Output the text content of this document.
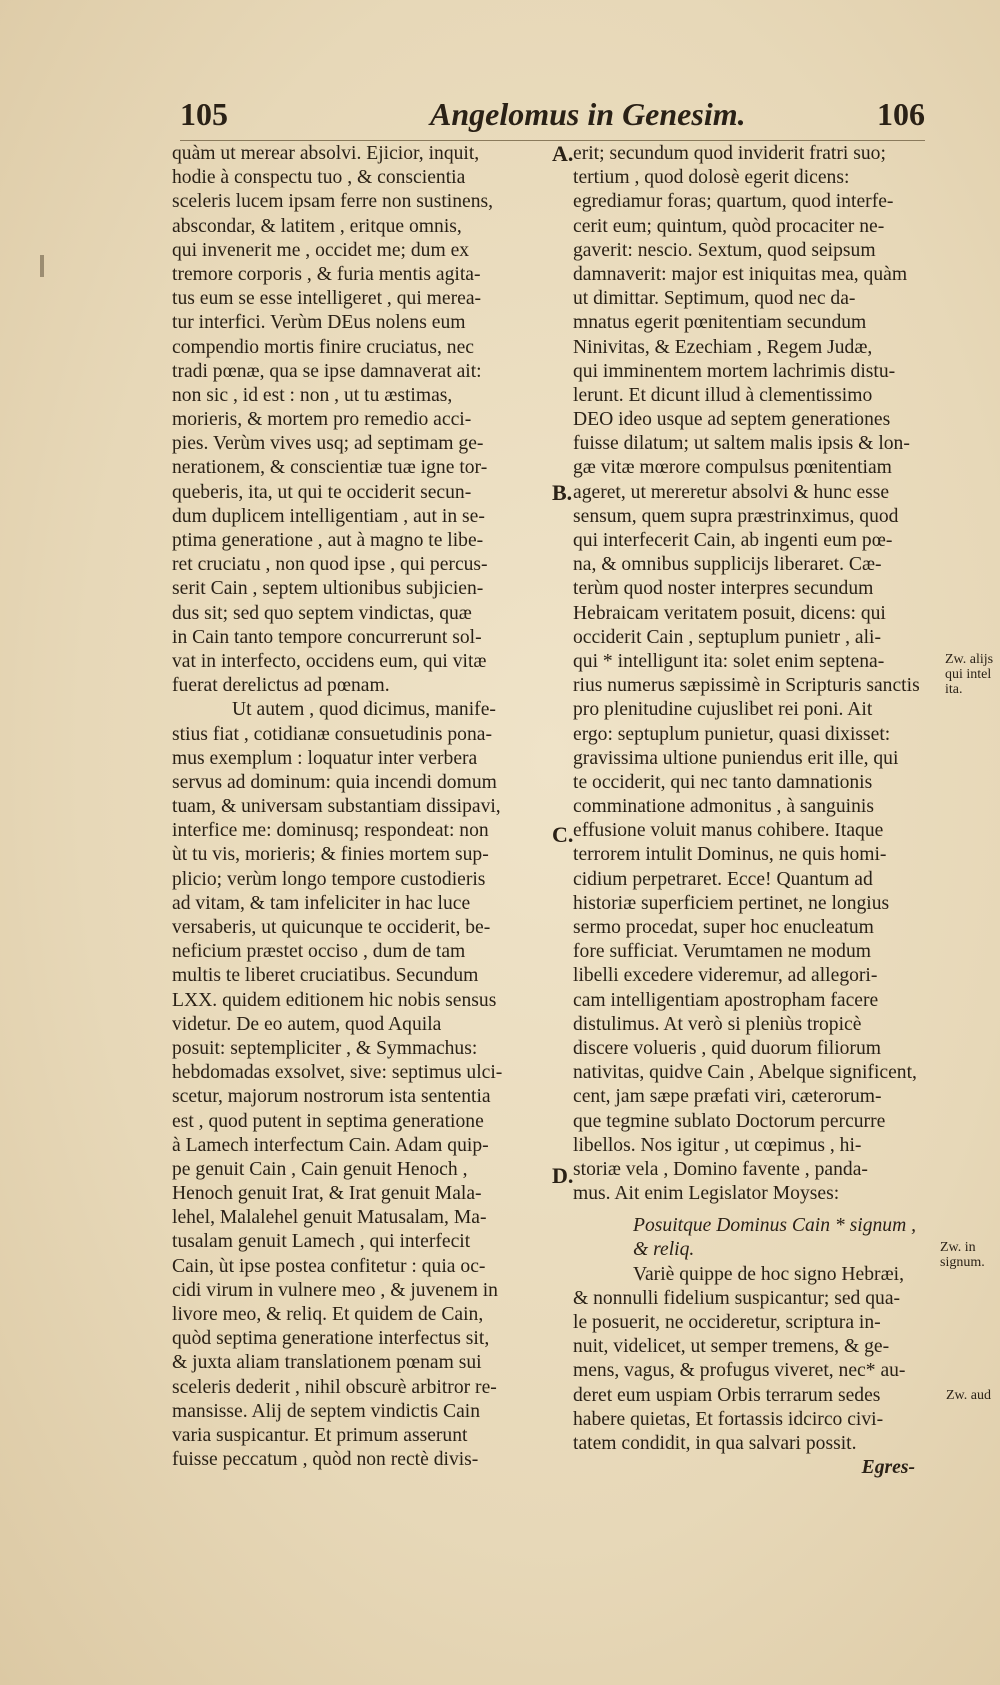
105	Angelomus in Genesim.	106
quàm ut merear absolvi. Ejicior, inquit,
hodie à conspectu tuo , & conscientia
sceleris lucem ipsam ferre non sustinens,
abscondar, & latitem , eritque omnis,
qui invenerit me , occidet me; dum ex
tremore corporis , & furia mentis agita-
tus eum se esse intelligeret , qui merea-
tur interfici. Verùm DEus nolens eum
compendio mortis finire cruciatus, nec
tradi pœnæ, qua se ipse damnaverat ait:
non sic , id est : non , ut tu æstimas,
morieris, & mortem pro remedio acci-
pies. Verùm vives usq; ad septimam ge-
nerationem, & conscientiæ tuæ igne tor-
queberis, ita, ut qui te occiderit secun-
dum duplicem intelligentiam , aut in se-
ptima generatione , aut à magno te libe-
ret cruciatu , non quod ipse , qui percus-
serit Cain , septem ultionibus subjicien-
dus sit; sed quo septem vindictas, quæ
in Cain tanto tempore concurrerunt sol-
vat in interfecto, occidens eum, qui vitæ
fuerat derelictus ad pœnam.
Ut autem , quod dicimus, manife-
stius fiat , cotidianæ consuetudinis pona-
mus exemplum : loquatur inter verbera
servus ad dominum: quia incendi domum
tuam, & universam substantiam dissipavi,
interfice me: dominusq; respondeat: non
ùt tu vis, morieris; & finies mortem sup-
plicio; verùm longo tempore custodieris
ad vitam, & tam infeliciter in hac luce
versaberis, ut quicunque te occiderit, be-
neficium præstet occiso , dum de tam
multis te liberet cruciatibus. Secundum
LXX. quidem editionem hic nobis sensus
videtur. De eo autem, quod Aquila
posuit: septempliciter , & Symmachus:
hebdomadas exsolvet, sive: septimus ulci-
scetur, majorum nostrorum ista sententia
est , quod putent in septima generatione
à Lamech interfectum Cain. Adam quip-
pe genuit Cain , Cain genuit Henoch ,
Henoch genuit Irat, & Irat genuit Mala-
lehel, Malalehel genuit Matusalam, Ma-
tusalam genuit Lamech , qui interfecit
Cain, ùt ipse postea confitetur : quia oc-
cidi virum in vulnere meo , & juvenem in
livore meo, & reliq. Et quidem de Cain,
quòd septima generatione interfectus sit,
& juxta aliam translationem pœnam sui
sceleris dederit , nihil obscurè arbitror re-
mansisse. Alij de septem vindictis Cain
varia suspicantur. Et primum asserunt
fuisse peccatum , quòd non rectè divis-
erit; secundum quod inviderit fratri suo;
tertium , quod dolosè egerit dicens:
egrediamur foras; quartum, quod interfe-
cerit eum; quintum, quòd procaciter ne-
gaverit: nescio. Sextum, quod seipsum
damnaverit: major est iniquitas mea, quàm
ut dimittar. Septimum, quod nec da-
mnatus egerit pœnitentiam secundum
Ninivitas, & Ezechiam , Regem Judæ,
qui imminentem mortem lachrimis distu-
lerunt. Et dicunt illud à clementissimo
DEO ideo usque ad septem generationes
fuisse dilatum; ut saltem malis ipsis & lon-
gæ vitæ mœrore compulsus pœnitentiam
ageret, ut mereretur absolvi & hunc esse
sensum, quem supra præstrinximus, quod
qui interfecerit Cain, ab ingenti eum pœ-
na, & omnibus supplicijs liberaret. Cæ-
terùm quod noster interpres secundum
Hebraicam veritatem posuit, dicens: qui
occiderit Cain , septuplum punietr , ali-
qui * intelligunt ita: solet enim septena-
rius numerus sæpissimè in Scripturis sanctis
pro plenitudine cujuslibet rei poni. Ait
ergo: septuplum punietur, quasi dixisset:
gravissima ultione puniendus erit ille, qui
te occiderit, qui nec tanto damnationis
comminatione admonitus , à sanguinis
effusione voluit manus cohibere. Itaque
terrorem intulit Dominus, ne quis homi-
cidium perpetraret. Ecce! Quantum ad
historiæ superficiem pertinet, ne longius
sermo procedat, super hoc enucleatum
fore sufficiat. Verumtamen ne modum
libelli excedere videremur, ad allegori-
cam intelligentiam apostropham facere
distulimus. At verò si pleniùs tropicè
discere volueris , quid duorum filiorum
nativitas, quidve Cain , Abelque significent,
cent, jam sæpe præfati viri, cæterorum-
que tegmine sublato Doctorum percurre
libellos. Nos igitur , ut cœpimus , hi-
storiæ vela , Domino favente , panda-
mus. Ait enim Legislator Moyses:
Posuitque Dominus Cain * signum ,
& reliq.
Variè quippe de hoc signo Hebræi,
& nonnulli fidelium suspicantur; sed qua-
le posuerit, ne occideretur, scriptura in-
nuit, videlicet, ut semper tremens, & ge-
mens, vagus, & profugus viveret, nec* au-
deret eum uspiam Orbis terrarum sedes
habere quietas, Et fortassis idcirco civi-
tatem condidit, in qua salvari possit.
Egres-
A.
B.
C.
D.
Zw. alijs
qui intel
ita.
Zw. in
signum.
Zw. aud
